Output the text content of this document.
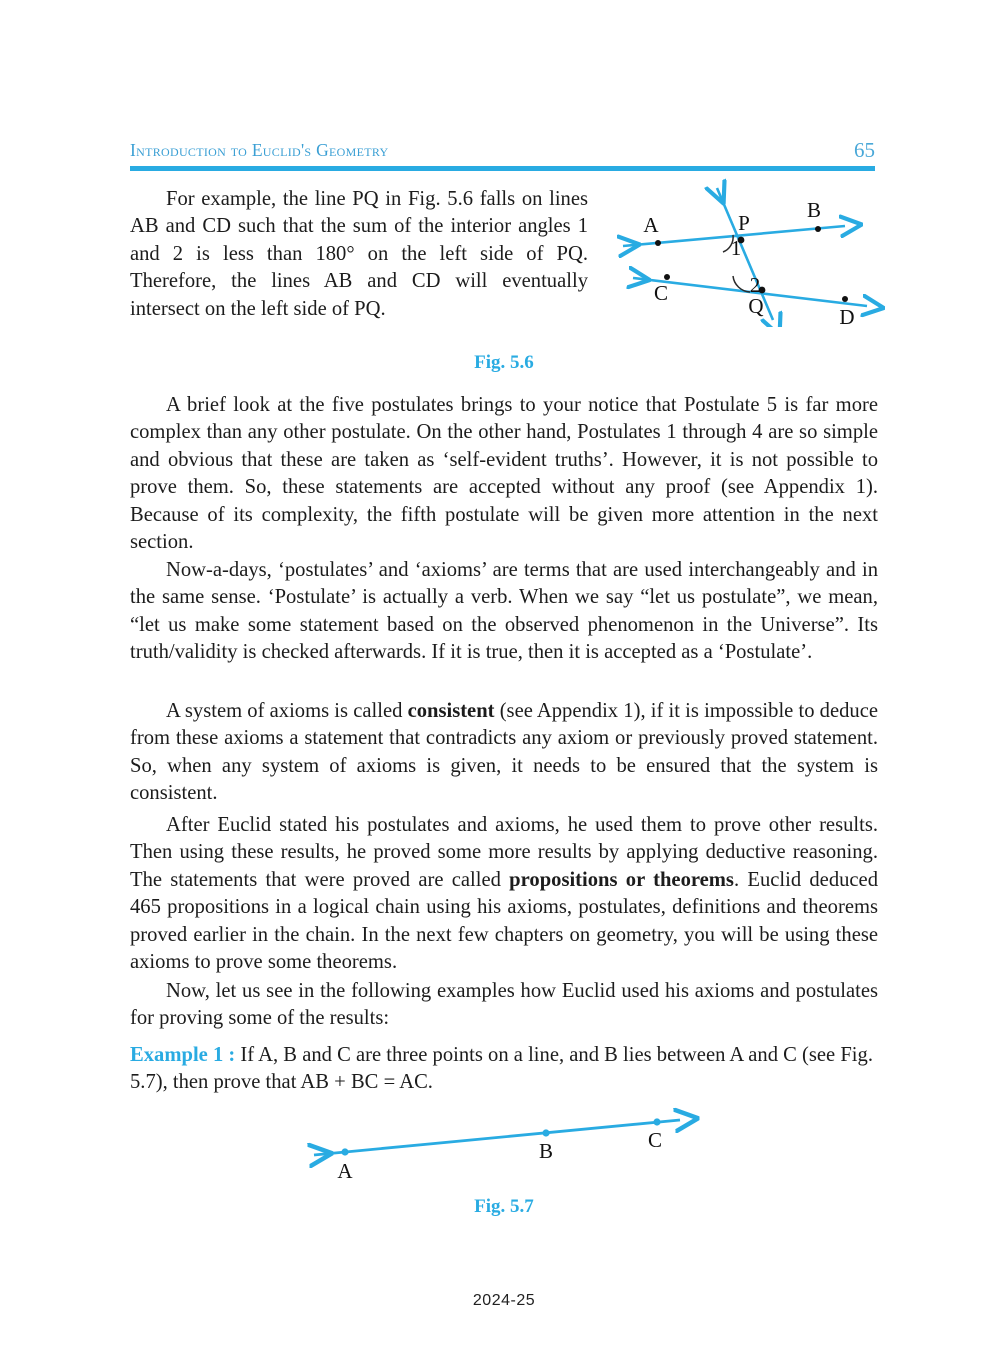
Introduction to Euclid's Geometry	65
For example, the line PQ in Fig. 5.6 falls on lines AB and CD such that the sum of the interior angles 1 and 2 is less than 180° on the left side of PQ. Therefore, the lines AB and CD will eventually intersect on the left side of PQ.
A
B
C
D
P
Q
1
2
Fig. 5.6
A brief look at the five postulates brings to your notice that Postulate 5 is far more complex than any other postulate. On the other hand, Postulates 1 through 4 are so simple and obvious that these are taken as ‘self-evident truths’. However, it is not possible to prove them. So, these statements are accepted without any proof (see Appendix 1). Because of its complexity, the fifth postulate will be given more attention in the next section.
Now-a-days, ‘postulates’ and ‘axioms’ are terms that are used interchangeably and in the same sense. ‘Postulate’ is actually a verb. When we say “let us postulate”, we mean, “let us make some statement based on the observed phenomenon in the Universe”. Its truth/validity is checked afterwards. If it is true, then it is accepted as a ‘Postulate’.
A system of axioms is called consistent (see Appendix 1), if it is impossible to deduce from these axioms a statement that contradicts any axiom or previously proved statement. So, when any system of axioms is given, it needs to be ensured that the system is consistent.
After Euclid stated his postulates and axioms, he used them to prove other results. Then using these results, he proved some more results by applying deductive reasoning. The statements that were proved are called propositions or theorems. Euclid deduced 465 propositions in a logical chain using his axioms, postulates, definitions and theorems proved earlier in the chain. In the next few chapters on geometry, you will be using these axioms to prove some theorems.
Now, let us see in the following examples how Euclid used his axioms and postulates for proving some of the results:
Example 1 : If A, B and C are three points on a line, and B lies between A and C (see Fig. 5.7), then prove that AB + BC = AC.
A
B	C
Fig. 5.7
2024-25
